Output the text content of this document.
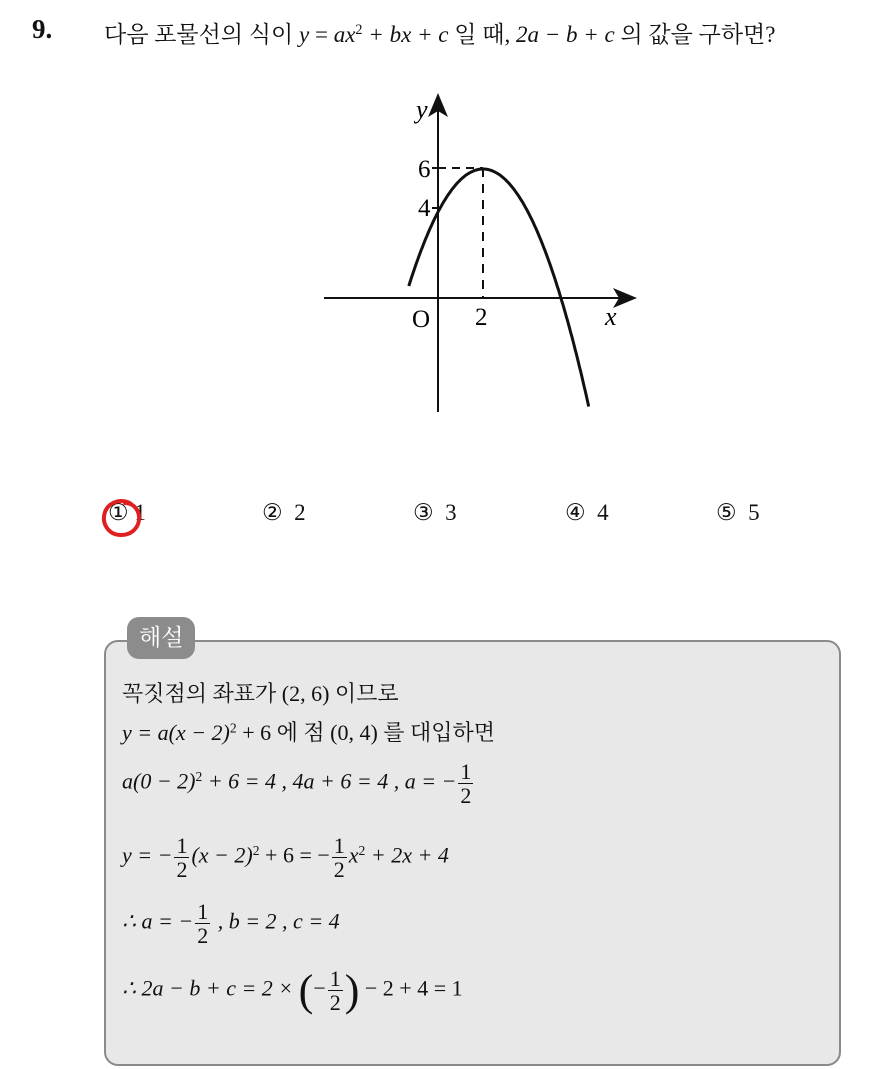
9. 다음 포물선의 식이 $y = ax^2$ + bx + c 일 때, 2a − b + c 의 값을 구하면?
y
x
O 2
6
4
① 1	② 2	③ 3	④ 4	⑤ 5
해설
꼭짓점의 좌표가 (2, 6) 이므로
$y = a(x - 2)^2 + 6$ 에 점 (0, 4) 를 대입하면
$a(0 - 2)^2 + 6 = 4$ , 4a + 6 = 4 , a = − $\frac{1}{2}$
y = − $\frac{1}{2} (x - 2)^2 + 6$ = − $\frac{1}{2} x^2 + 2x + 4$
∴ a = − $\frac{1}{2}$ , b = 2 , c = 4
∴ 2a − b + c = 2 × (− $\frac{1}{2}$ ) − 2 + 4 = 1
